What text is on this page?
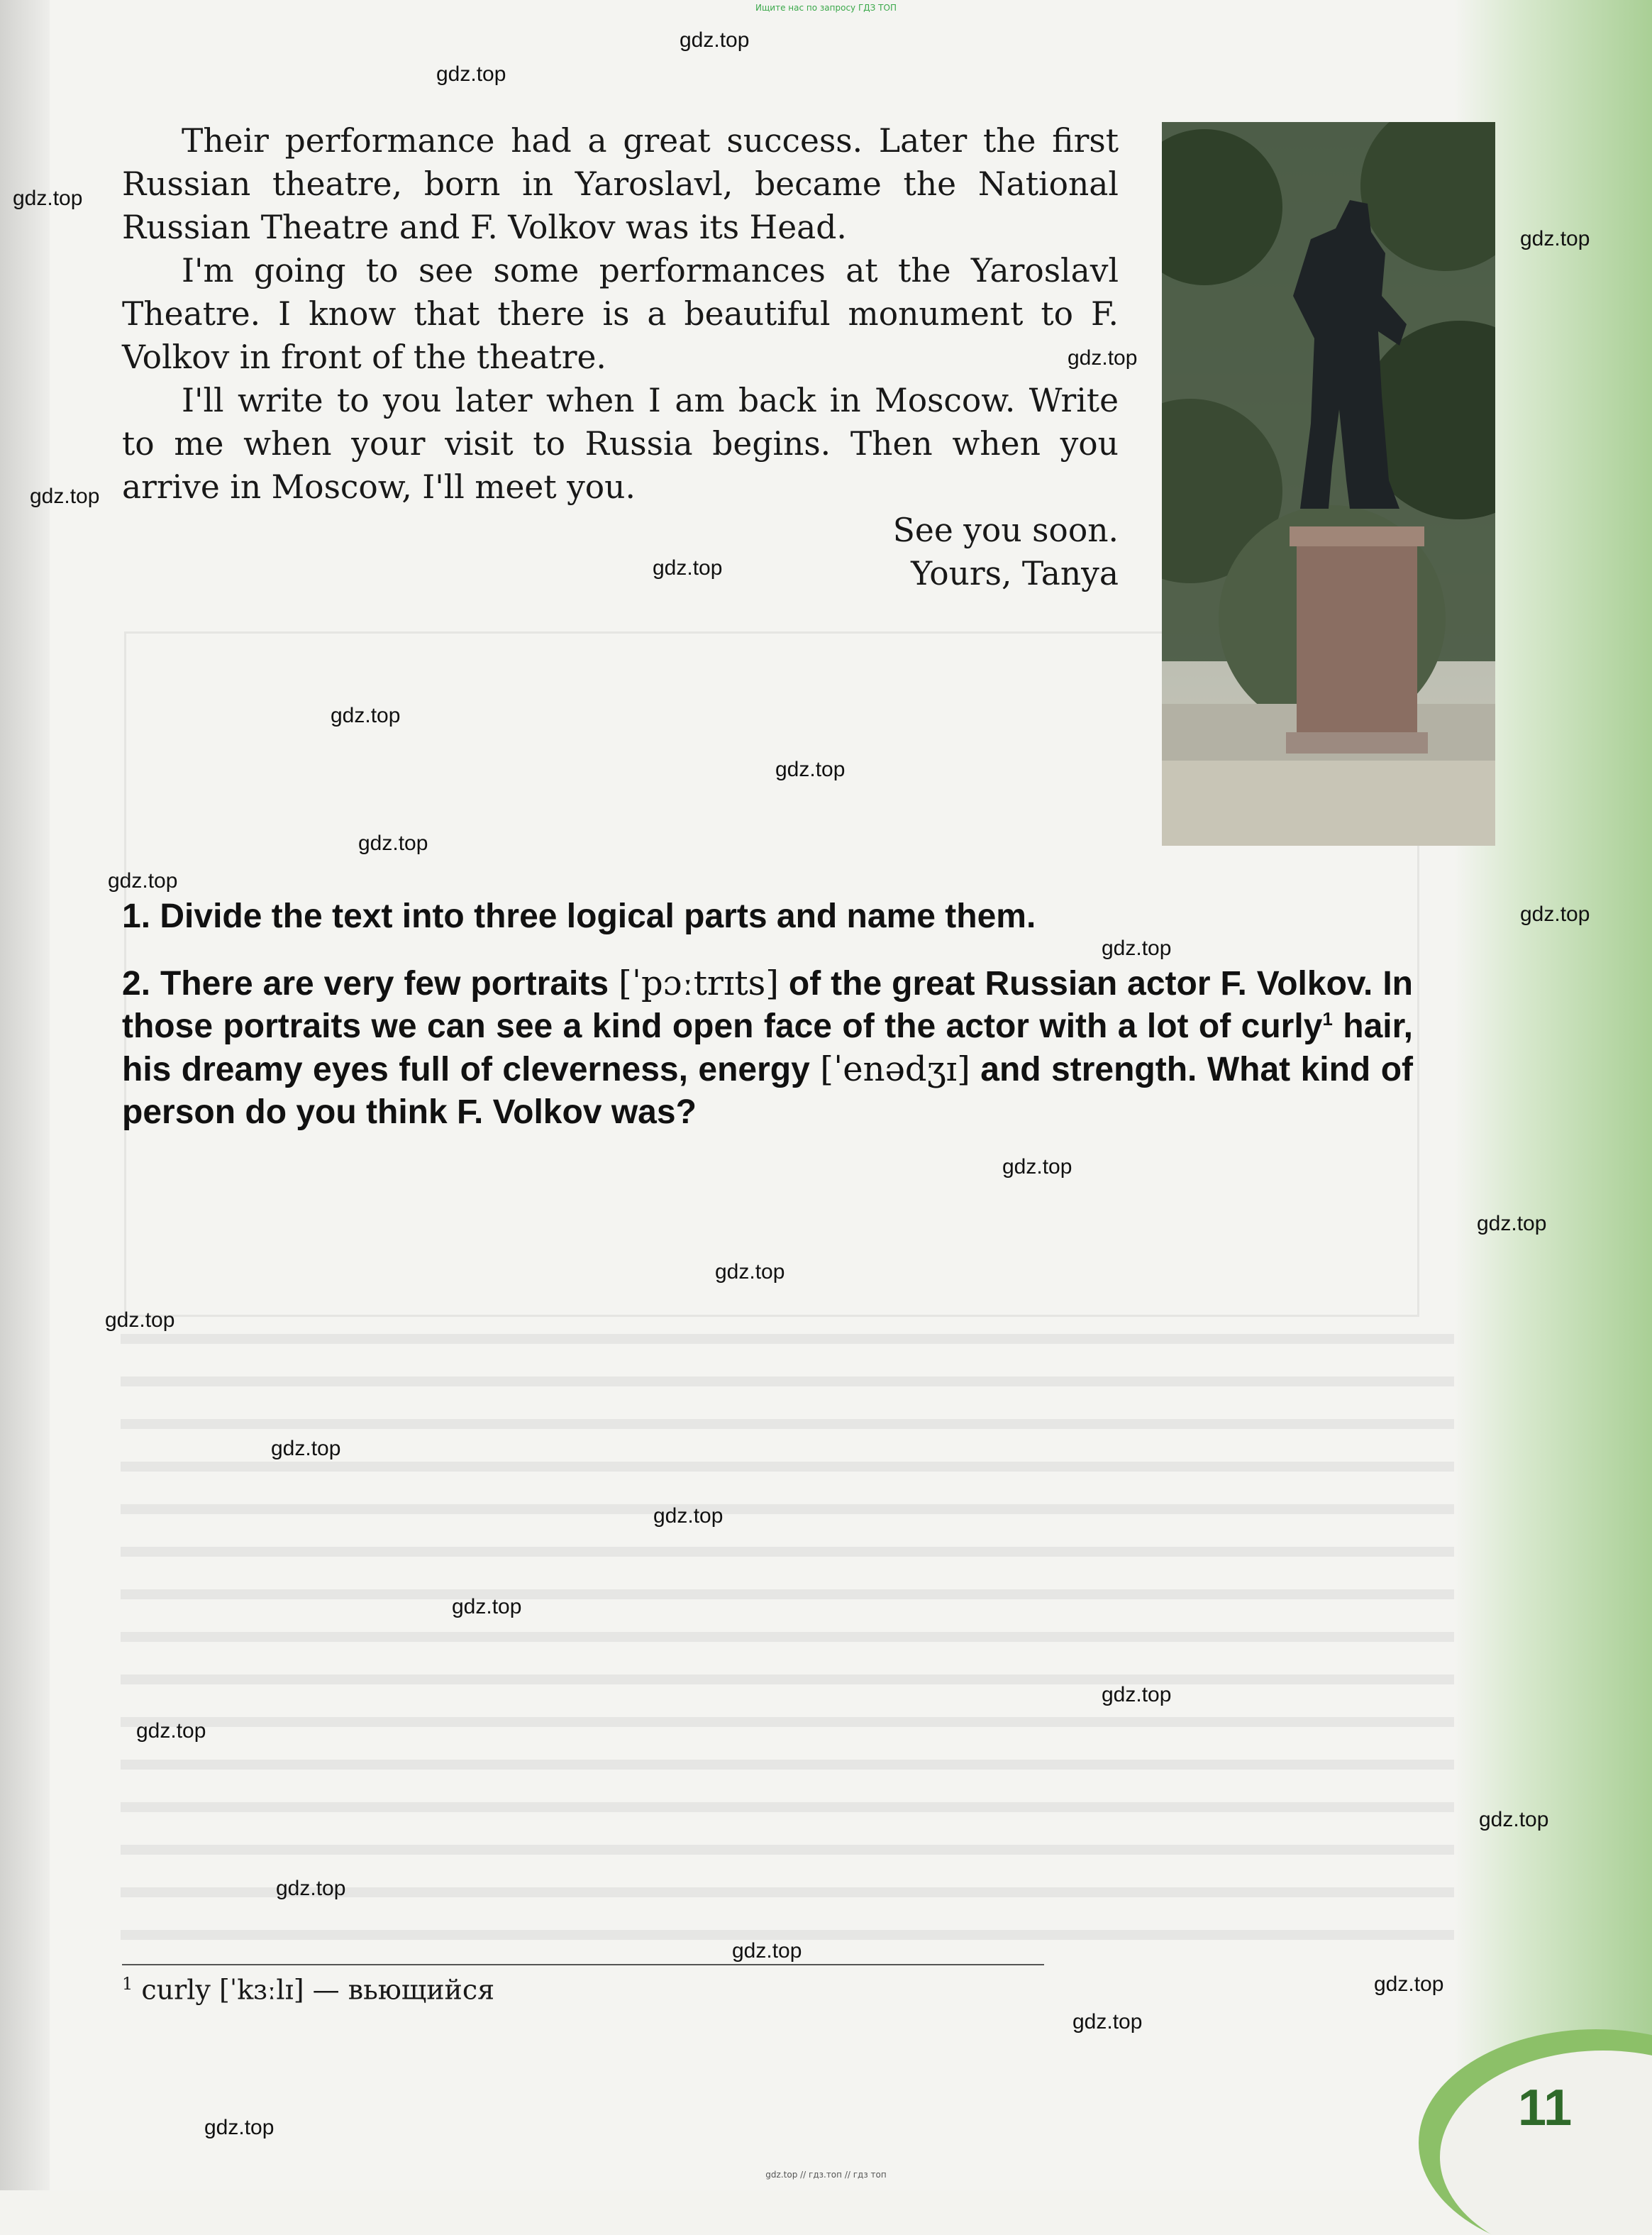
Ищите нас по запросу ГДЗ ТОП

Their performance had a great success. Later the first Russian theatre, born in Yaroslavl, became the National Russian Theatre and F. Volkov was its Head.

I'm going to see some performances at the Yaroslavl Theatre. I know that there is a beautiful monument to F. Volkov in front of the theatre.

I'll write to you later when I am back in Moscow. Write to me when your visit to Russia begins. Then when you arrive in Moscow, I'll meet you.

See you soon.

Yours, Tanya

1. Divide the text into three logical parts and name them.

2. There are very few portraits [ˈpɔːtrɪts] of the great Russian actor F. Volkov. In those portraits we can see a kind open face of the actor with a lot of curly$^1$ hair, his dreamy eyes full of cleverness, energy [ˈenədʒɪ] and strength. What kind of person do you think F. Volkov was?

$^1$ curly [ˈkɜːlɪ] — вьющийся
11
gdz.top // гдз.топ // гдз топ
gdz.top
gdz.top
gdz.top
gdz.top
gdz.top
gdz.top
gdz.top
gdz.top
gdz.top
gdz.top
gdz.top
gdz.top
gdz.top
gdz.top
gdz.top
gdz.top
gdz.top
gdz.top
gdz.top
gdz.top
gdz.top
gdz.top
gdz.top
gdz.top
gdz.top
gdz.top
gdz.top
gdz.top
